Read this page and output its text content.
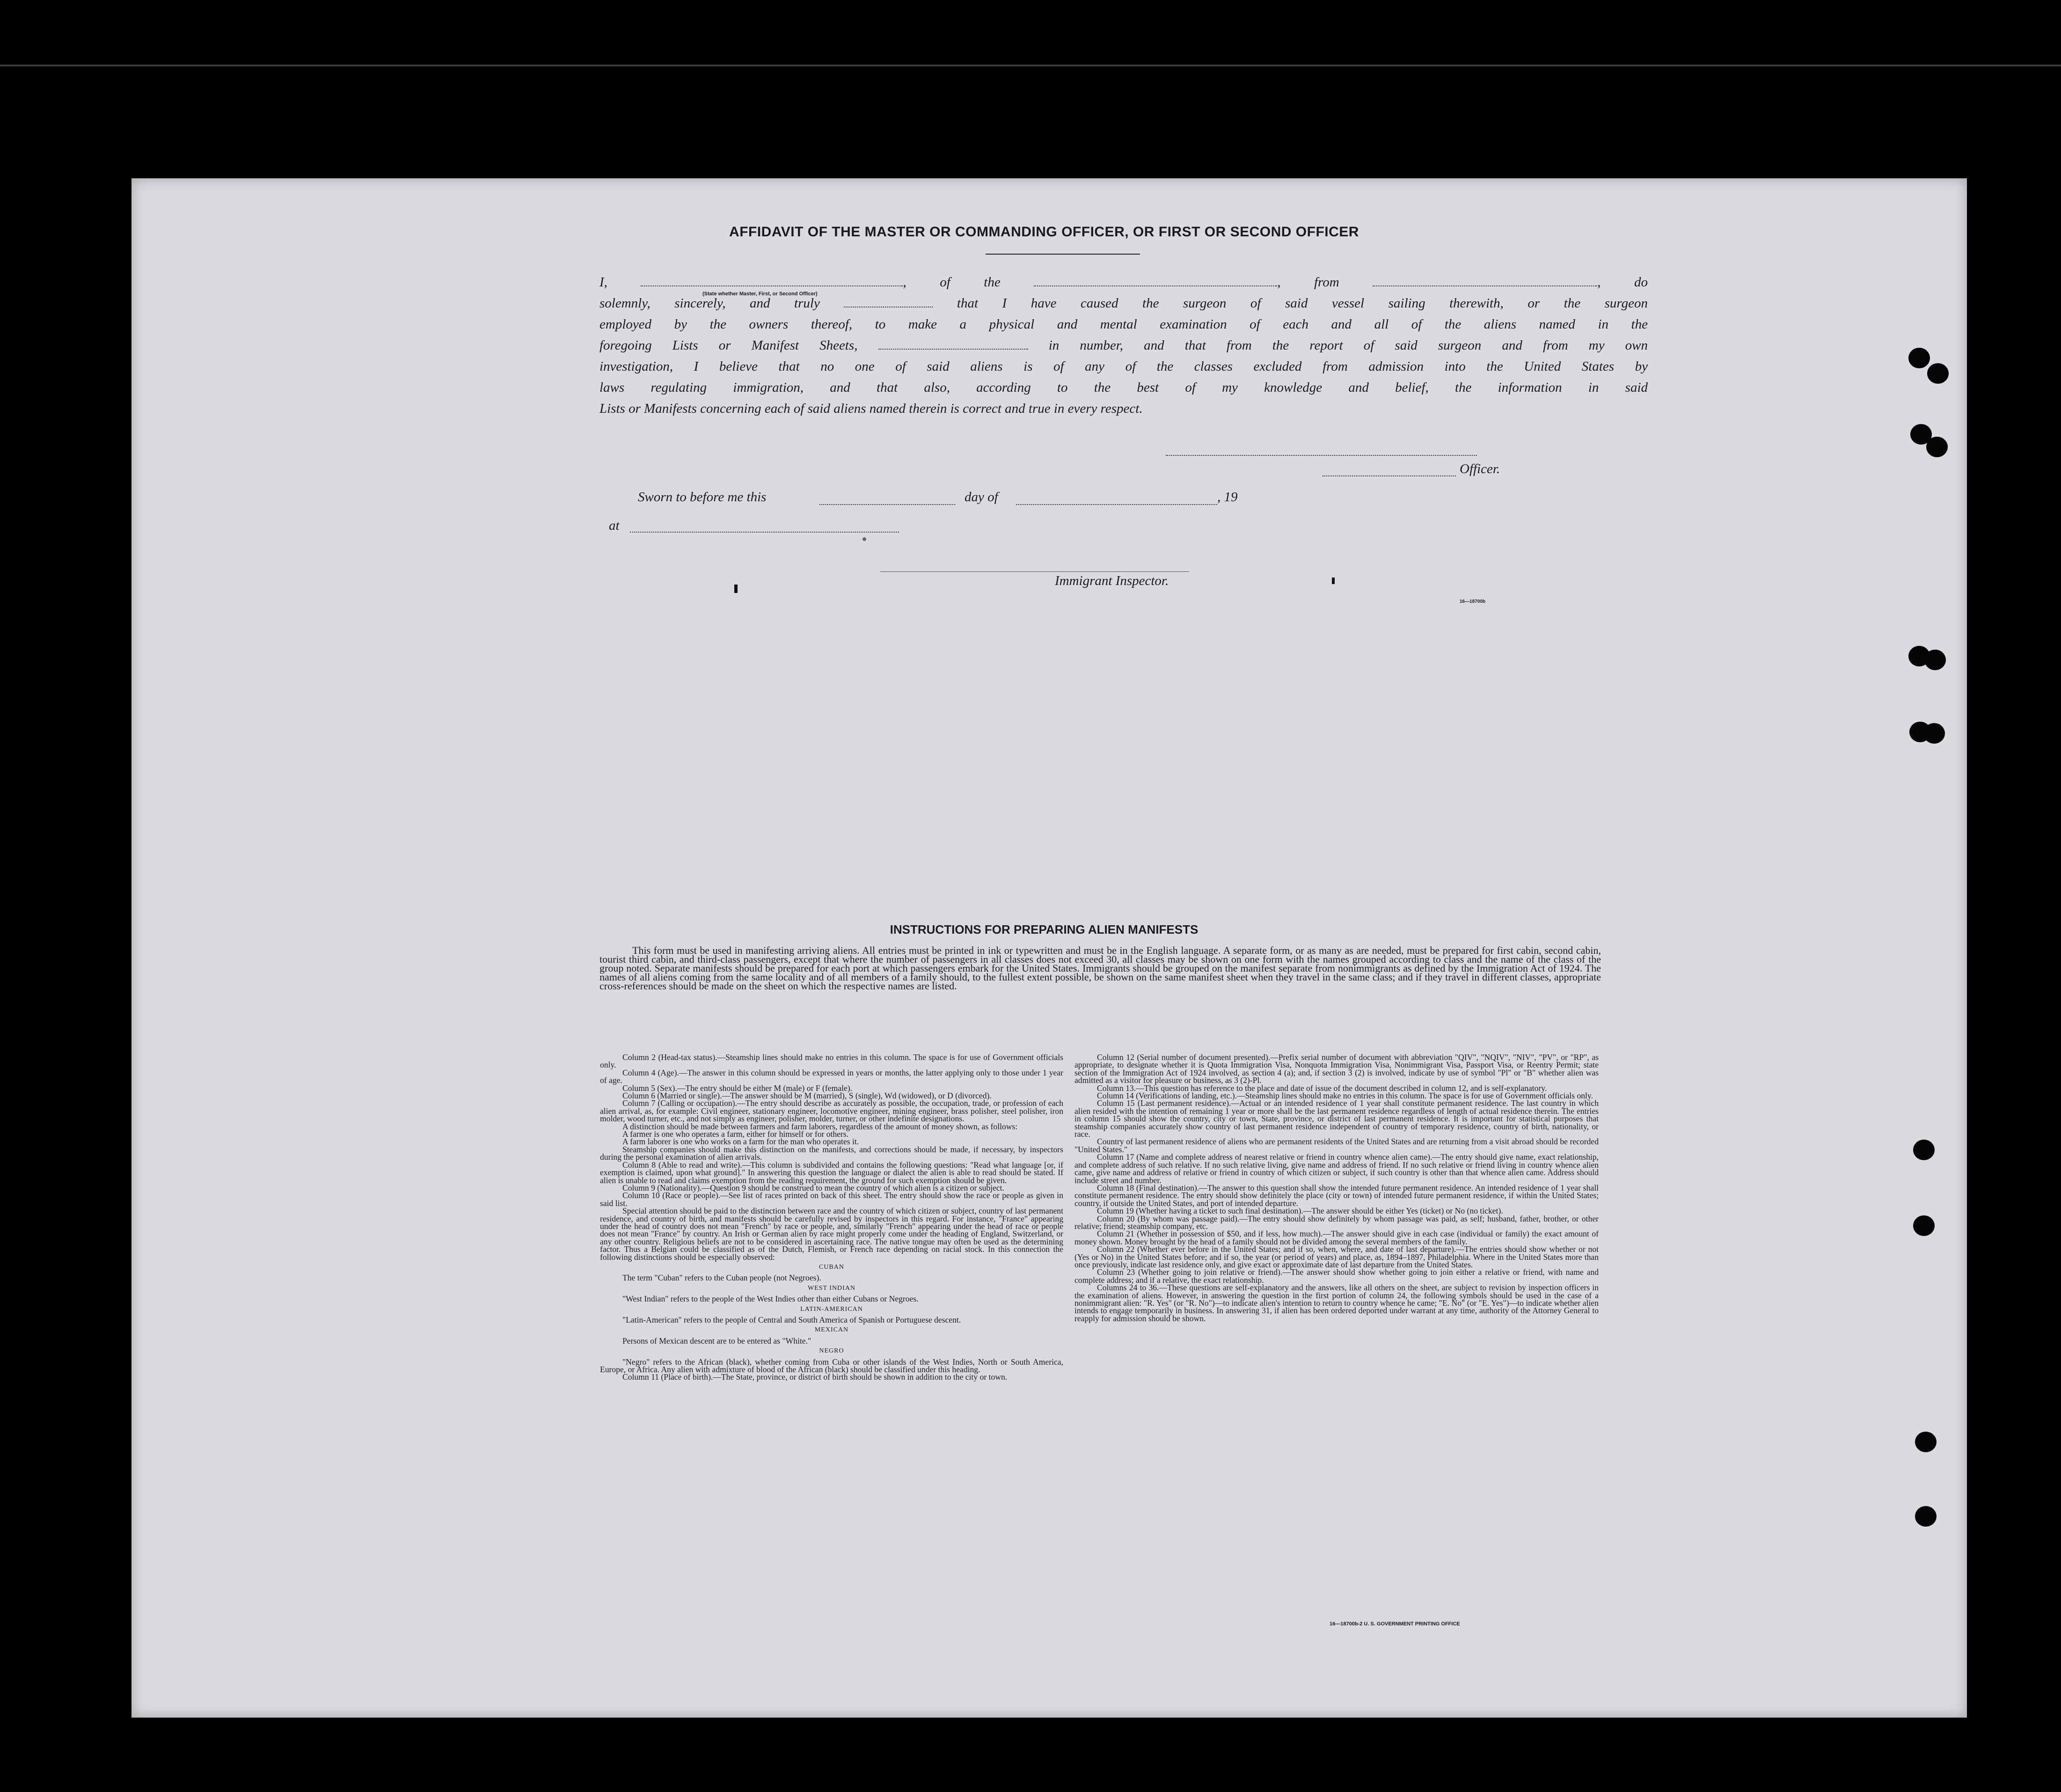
AFFIDAVIT OF THE MASTER OR COMMANDING OFFICER, OR FIRST OR SECOND OFFICER
I,	, of the	, from	, do
solemnly, sincerely, and truly	that I have caused the surgeon of said vessel sailing therewith, or the surgeon
employed by the owners thereof, to make a physical and mental examination of each and all of the aliens named in the
foregoing Lists or Manifest Sheets,	in number, and that from the report of said surgeon and from my own
investigation, I believe that no one of said aliens is of any of the classes excluded from admission into the United States by
laws regulating immigration, and that also, according to the best of my knowledge and belief, the information in said
Lists or Manifests concerning each of said aliens named therein is correct and true in every respect.
(State whether Master, First, or Second Officer)
Officer.
Sworn to before me this	day of	, 19
at
Immigrant Inspector.
16—18700b
INSTRUCTIONS FOR PREPARING ALIEN MANIFESTS
This form must be used in manifesting arriving aliens. All entries must be printed in ink or typewritten and must be in the English language. A separate form, or as many as are needed, must be prepared for first cabin, second cabin, tourist third cabin, and third-class passengers, except that where the number of passengers in all classes does not exceed 30, all classes may be shown on one form with the names grouped according to class and the name of the class of the group noted. Separate manifests should be prepared for each port at which passengers embark for the United States. Immigrants should be grouped on the manifest separate from nonimmigrants as defined by the Immigration Act of 1924. The names of all aliens coming from the same locality and of all members of a family should, to the fullest extent possible, be shown on the same manifest sheet when they travel in the same class; and if they travel in different classes, appropriate cross-references should be made on the sheet on which the respective names are listed.

Column 2 (Head-tax status).—Steamship lines should make no entries in this column. The space is for use of Government officials only.

Column 4 (Age).—The answer in this column should be expressed in years or months, the latter applying only to those under 1 year of age.

Column 5 (Sex).—The entry should be either M (male) or F (female).

Column 6 (Married or single).—The answer should be M (married), S (single), Wd (widowed), or D (divorced).

Column 7 (Calling or occupation).—The entry should describe as accurately as possible, the occupation, trade, or profession of each alien arrival, as, for example: Civil engineer, stationary engineer, locomotive engineer, mining engineer, brass polisher, steel polisher, iron molder, wood turner, etc., and not simply as engineer, polisher, molder, turner, or other indefinite designations.

A distinction should be made between farmers and farm laborers, regardless of the amount of money shown, as follows:

A farmer is one who operates a farm, either for himself or for others.

A farm laborer is one who works on a farm for the man who operates it.

Steamship companies should make this distinction on the manifests, and corrections should be made, if necessary, by inspectors during the personal examination of alien arrivals.

Column 8 (Able to read and write).—This column is subdivided and contains the following questions: "Read what language [or, if exemption is claimed, upon what ground]." In answering this question the language or dialect the alien is able to read should be stated. If alien is unable to read and claims exemption from the reading requirement, the ground for such exemption should be given.

Column 9 (Nationality).—Question 9 should be construed to mean the country of which alien is a citizen or subject.

Column 10 (Race or people).—See list of races printed on back of this sheet. The entry should show the race or people as given in said list.

Special attention should be paid to the distinction between race and the country of which citizen or subject, country of last permanent residence, and country of birth, and manifests should be carefully revised by inspectors in this regard. For instance, "France" appearing under the head of country does not mean "French" by race or people, and, similarly "French" appearing under the head of race or people does not mean "France" by country. An Irish or German alien by race might properly come under the heading of England, Switzerland, or any other country. Religious beliefs are not to be considered in ascertaining race. The native tongue may often be used as the determining factor. Thus a Belgian could be classified as of the Dutch, Flemish, or French race depending on racial stock. In this connection the following distinctions should be especially observed:

CUBAN

The term "Cuban" refers to the Cuban people (not Negroes).

WEST INDIAN

"West Indian" refers to the people of the West Indies other than either Cubans or Negroes.

LATIN-AMERICAN

"Latin-American" refers to the people of Central and South America of Spanish or Portuguese descent.

MEXICAN

Persons of Mexican descent are to be entered as "White."

NEGRO

"Negro" refers to the African (black), whether coming from Cuba or other islands of the West Indies, North or South America, Europe, or Africa. Any alien with admixture of blood of the African (black) should be classified under this heading.

Column 11 (Place of birth).—The State, province, or district of birth should be shown in addition to the city or town.

Column 12 (Serial number of document presented).—Prefix serial number of document with abbreviation "QIV", "NQIV", "NIV", "PV", or "RP", as appropriate, to designate whether it is Quota Immigration Visa, Nonquota Immigration Visa, Nonimmigrant Visa, Passport Visa, or Reentry Permit; state section of the Immigration Act of 1924 involved, as section 4 (a); and, if section 3 (2) is involved, indicate by use of symbol "Pl" or "B" whether alien was admitted as a visitor for pleasure or business, as 3 (2)-Pl.

Column 13.—This question has reference to the place and date of issue of the document described in column 12, and is self-explanatory.

Column 14 (Verifications of landing, etc.).—Steamship lines should make no entries in this column. The space is for use of Government officials only.

Column 15 (Last permanent residence).—Actual or an intended residence of 1 year shall constitute permanent residence. The last country in which alien resided with the intention of remaining 1 year or more shall be the last permanent residence regardless of length of actual residence therein. The entries in column 15 should show the country, city or town, State, province, or district of last permanent residence. It is important for statistical purposes that steamship companies accurately show country of last permanent residence independent of country of temporary residence, country of birth, nationality, or race.

Country of last permanent residence of aliens who are permanent residents of the United States and are returning from a visit abroad should be recorded "United States."

Column 17 (Name and complete address of nearest relative or friend in country whence alien came).—The entry should give name, exact relationship, and complete address of such relative. If no such relative living, give name and address of friend. If no such relative or friend living in country whence alien came, give name and address of relative or friend in country of which citizen or subject, if such country is other than that whence alien came. Address should include street and number.

Column 18 (Final destination).—The answer to this question shall show the intended future permanent residence. An intended residence of 1 year shall constitute permanent residence. The entry should show definitely the place (city or town) of intended future permanent residence, if within the United States; country, if outside the United States, and port of intended departure.

Column 19 (Whether having a ticket to such final destination).—The answer should be either Yes (ticket) or No (no ticket).

Column 20 (By whom was passage paid).—The entry should show definitely by whom passage was paid, as self; husband, father, brother, or other relative; friend; steamship company, etc.

Column 21 (Whether in possession of $50, and if less, how much).—The answer should give in each case (individual or family) the exact amount of money shown. Money brought by the head of a family should not be divided among the several members of the family.

Column 22 (Whether ever before in the United States; and if so, when, where, and date of last departure).—The entries should show whether or not (Yes or No) in the United States before; and if so, the year (or period of years) and place, as, 1894–1897, Philadelphia. Where in the United States more than once previously, indicate last residence only, and give exact or approximate date of last departure from the United States.

Column 23 (Whether going to join relative or friend).—The answer should show whether going to join either a relative or friend, with name and complete address; and if a relative, the exact relationship.

Columns 24 to 36.—These questions are self-explanatory and the answers, like all others on the sheet, are subject to revision by inspection officers in the examination of aliens. However, in answering the question in the first portion of column 24, the following symbols should be used in the case of a nonimmigrant alien: "R. Yes" (or "R. No")—to indicate alien's intention to return to country whence he came; "E. No" (or "E. Yes")—to indicate whether alien intends to engage temporarily in business. In answering 31, if alien has been ordered deported under warrant at any time, authority of the Attorney General to reapply for admission should be shown.

16—18700b-2 U. S. GOVERNMENT PRINTING OFFICE
